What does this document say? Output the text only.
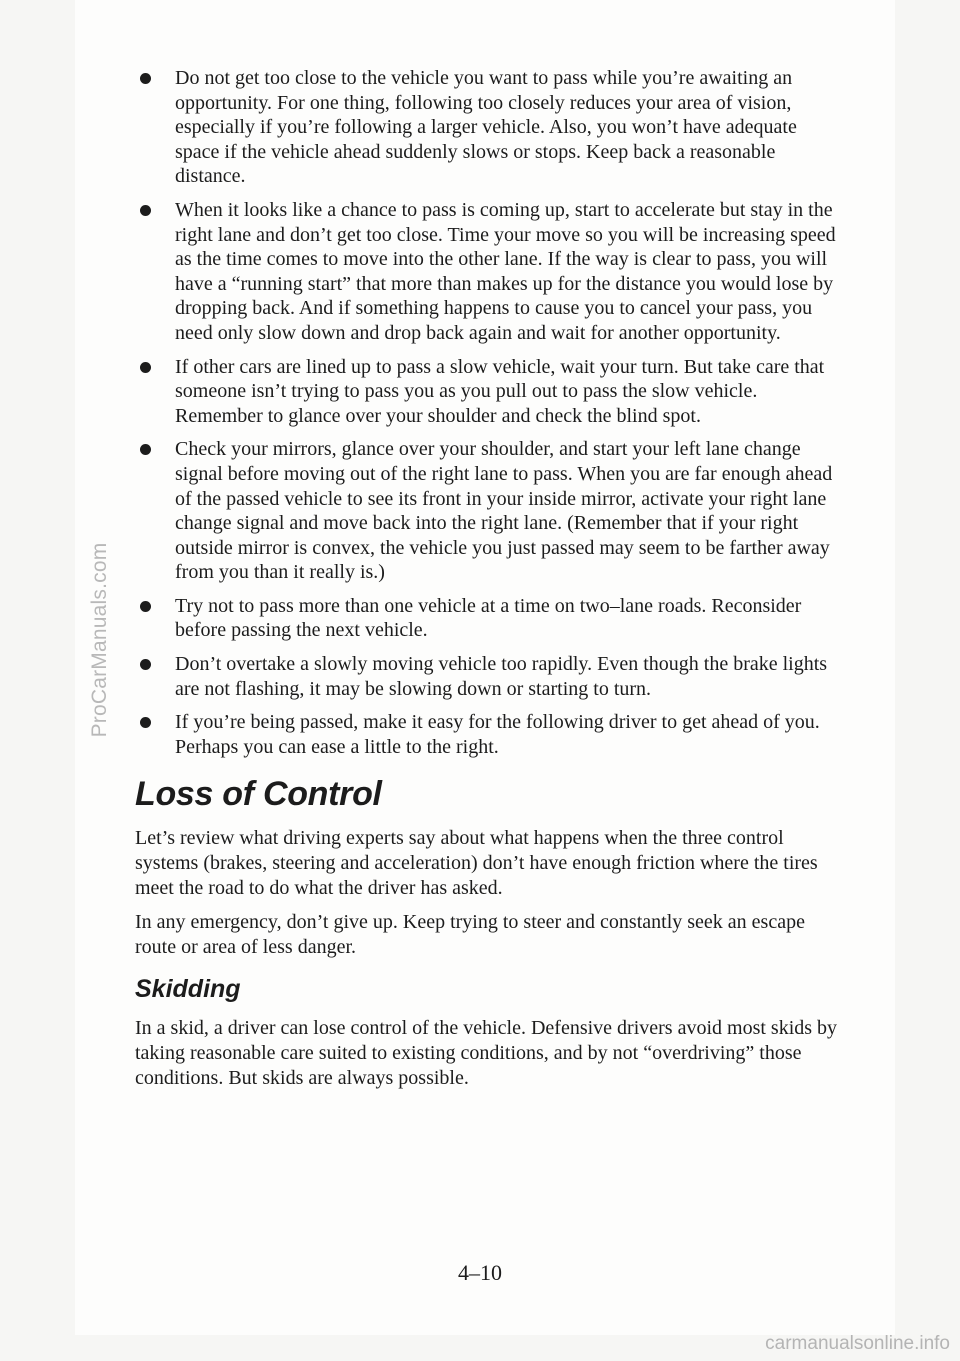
ProCarManuals.com
Do not get too close to the vehicle you want to pass while you’re awaiting an opportunity. For one thing, following too closely reduces your area of vision, especially if you’re following a larger vehicle. Also, you won’t have adequate space if the vehicle ahead suddenly slows or stops. Keep back a reasonable distance.
When it looks like a chance to pass is coming up, start to accelerate but stay in the right lane and don’t get too close. Time your move so you will be increasing speed as the time comes to move into the other lane. If the way is clear to pass, you will have a “running start” that more than makes up for the distance you would lose by dropping back. And if something happens to cause you to cancel your pass, you need only slow down and drop back again and wait for another opportunity.
If other cars are lined up to pass a slow vehicle, wait your turn. But take care that someone isn’t trying to pass you as you pull out to pass the slow vehicle. Remember to glance over your shoulder and check the blind spot.
Check your mirrors, glance over your shoulder, and start your left lane change signal before moving out of the right lane to pass. When you are far enough ahead of the passed vehicle to see its front in your inside mirror, activate your right lane change signal and move back into the right lane. (Remember that if your right outside mirror is convex, the vehicle you just passed may seem to be farther away from you than it really is.)
Try not to pass more than one vehicle at a time on two–lane roads. Reconsider before passing the next vehicle.
Don’t overtake a slowly moving vehicle too rapidly. Even though the brake lights are not flashing, it may be slowing down or starting to turn.
If you’re being passed, make it easy for the following driver to get ahead of you. Perhaps you can ease a little to the right.
Loss of Control

Let’s review what driving experts say about what happens when the three control systems (brakes, steering and acceleration) don’t have enough friction where the tires meet the road to do what the driver has asked.

In any emergency, don’t give up. Keep trying to steer and constantly seek an escape route or area of less danger.

Skidding

In a skid, a driver can lose control of the vehicle. Defensive drivers avoid most skids by taking reasonable care suited to existing conditions, and by not “overdriving” those conditions. But skids are always possible.

4–10
carmanualsonline.info
